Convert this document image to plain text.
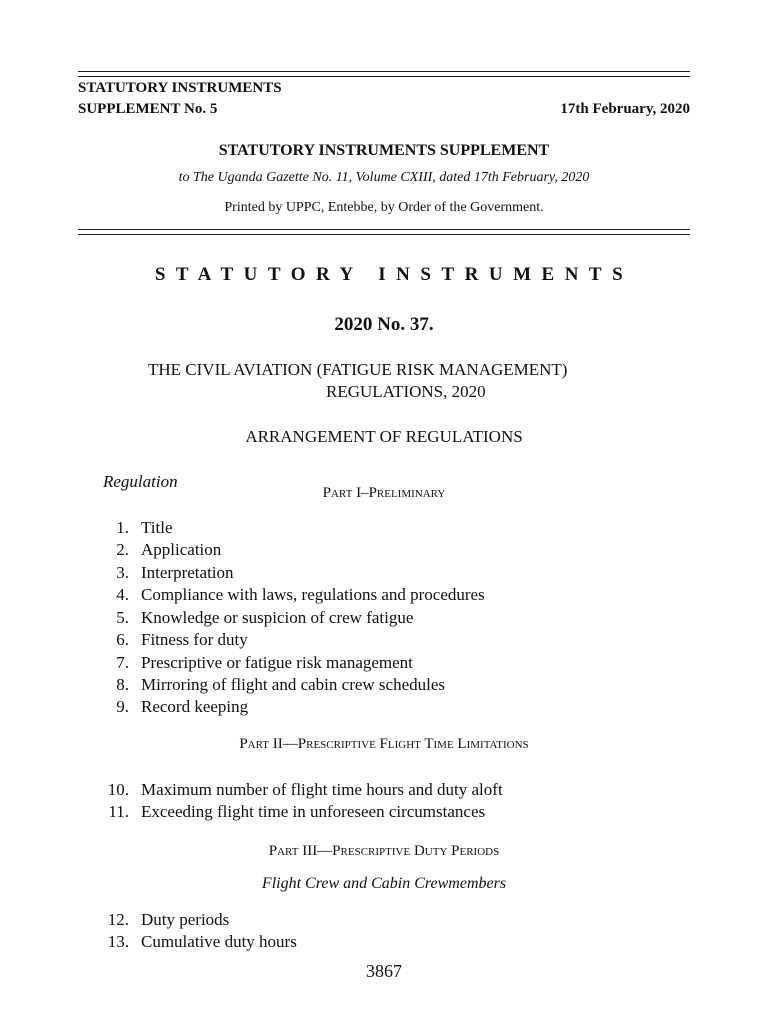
STATUTORY INSTRUMENTS
SUPPLEMENT No. 5	17th February, 2020
STATUTORY INSTRUMENTS SUPPLEMENT
to The Uganda Gazette No. 11, Volume CXIII, dated 17th February, 2020
Printed by UPPC, Entebbe, by Order of the Government.
STATUTORY INSTRUMENTS
2020 No. 37.
THE CIVIL AVIATION (FATIGUE RISK MANAGEMENT)
REGULATIONS, 2020
ARRANGEMENT OF REGULATIONS
Regulation
Part I–Preliminary
1. Title
2. Application
3. Interpretation
4. Compliance with laws, regulations and procedures
5. Knowledge or suspicion of crew fatigue
6. Fitness for duty
7. Prescriptive or fatigue risk management
8. Mirroring of flight and cabin crew schedules
9. Record keeping
Part II—Prescriptive Flight Time Limitations
10. Maximum number of flight time hours and duty aloft
11. Exceeding flight time in unforeseen circumstances
Part III—Prescriptive Duty Periods
Flight Crew and Cabin Crewmembers
12. Duty periods
13. Cumulative duty hours
3867
